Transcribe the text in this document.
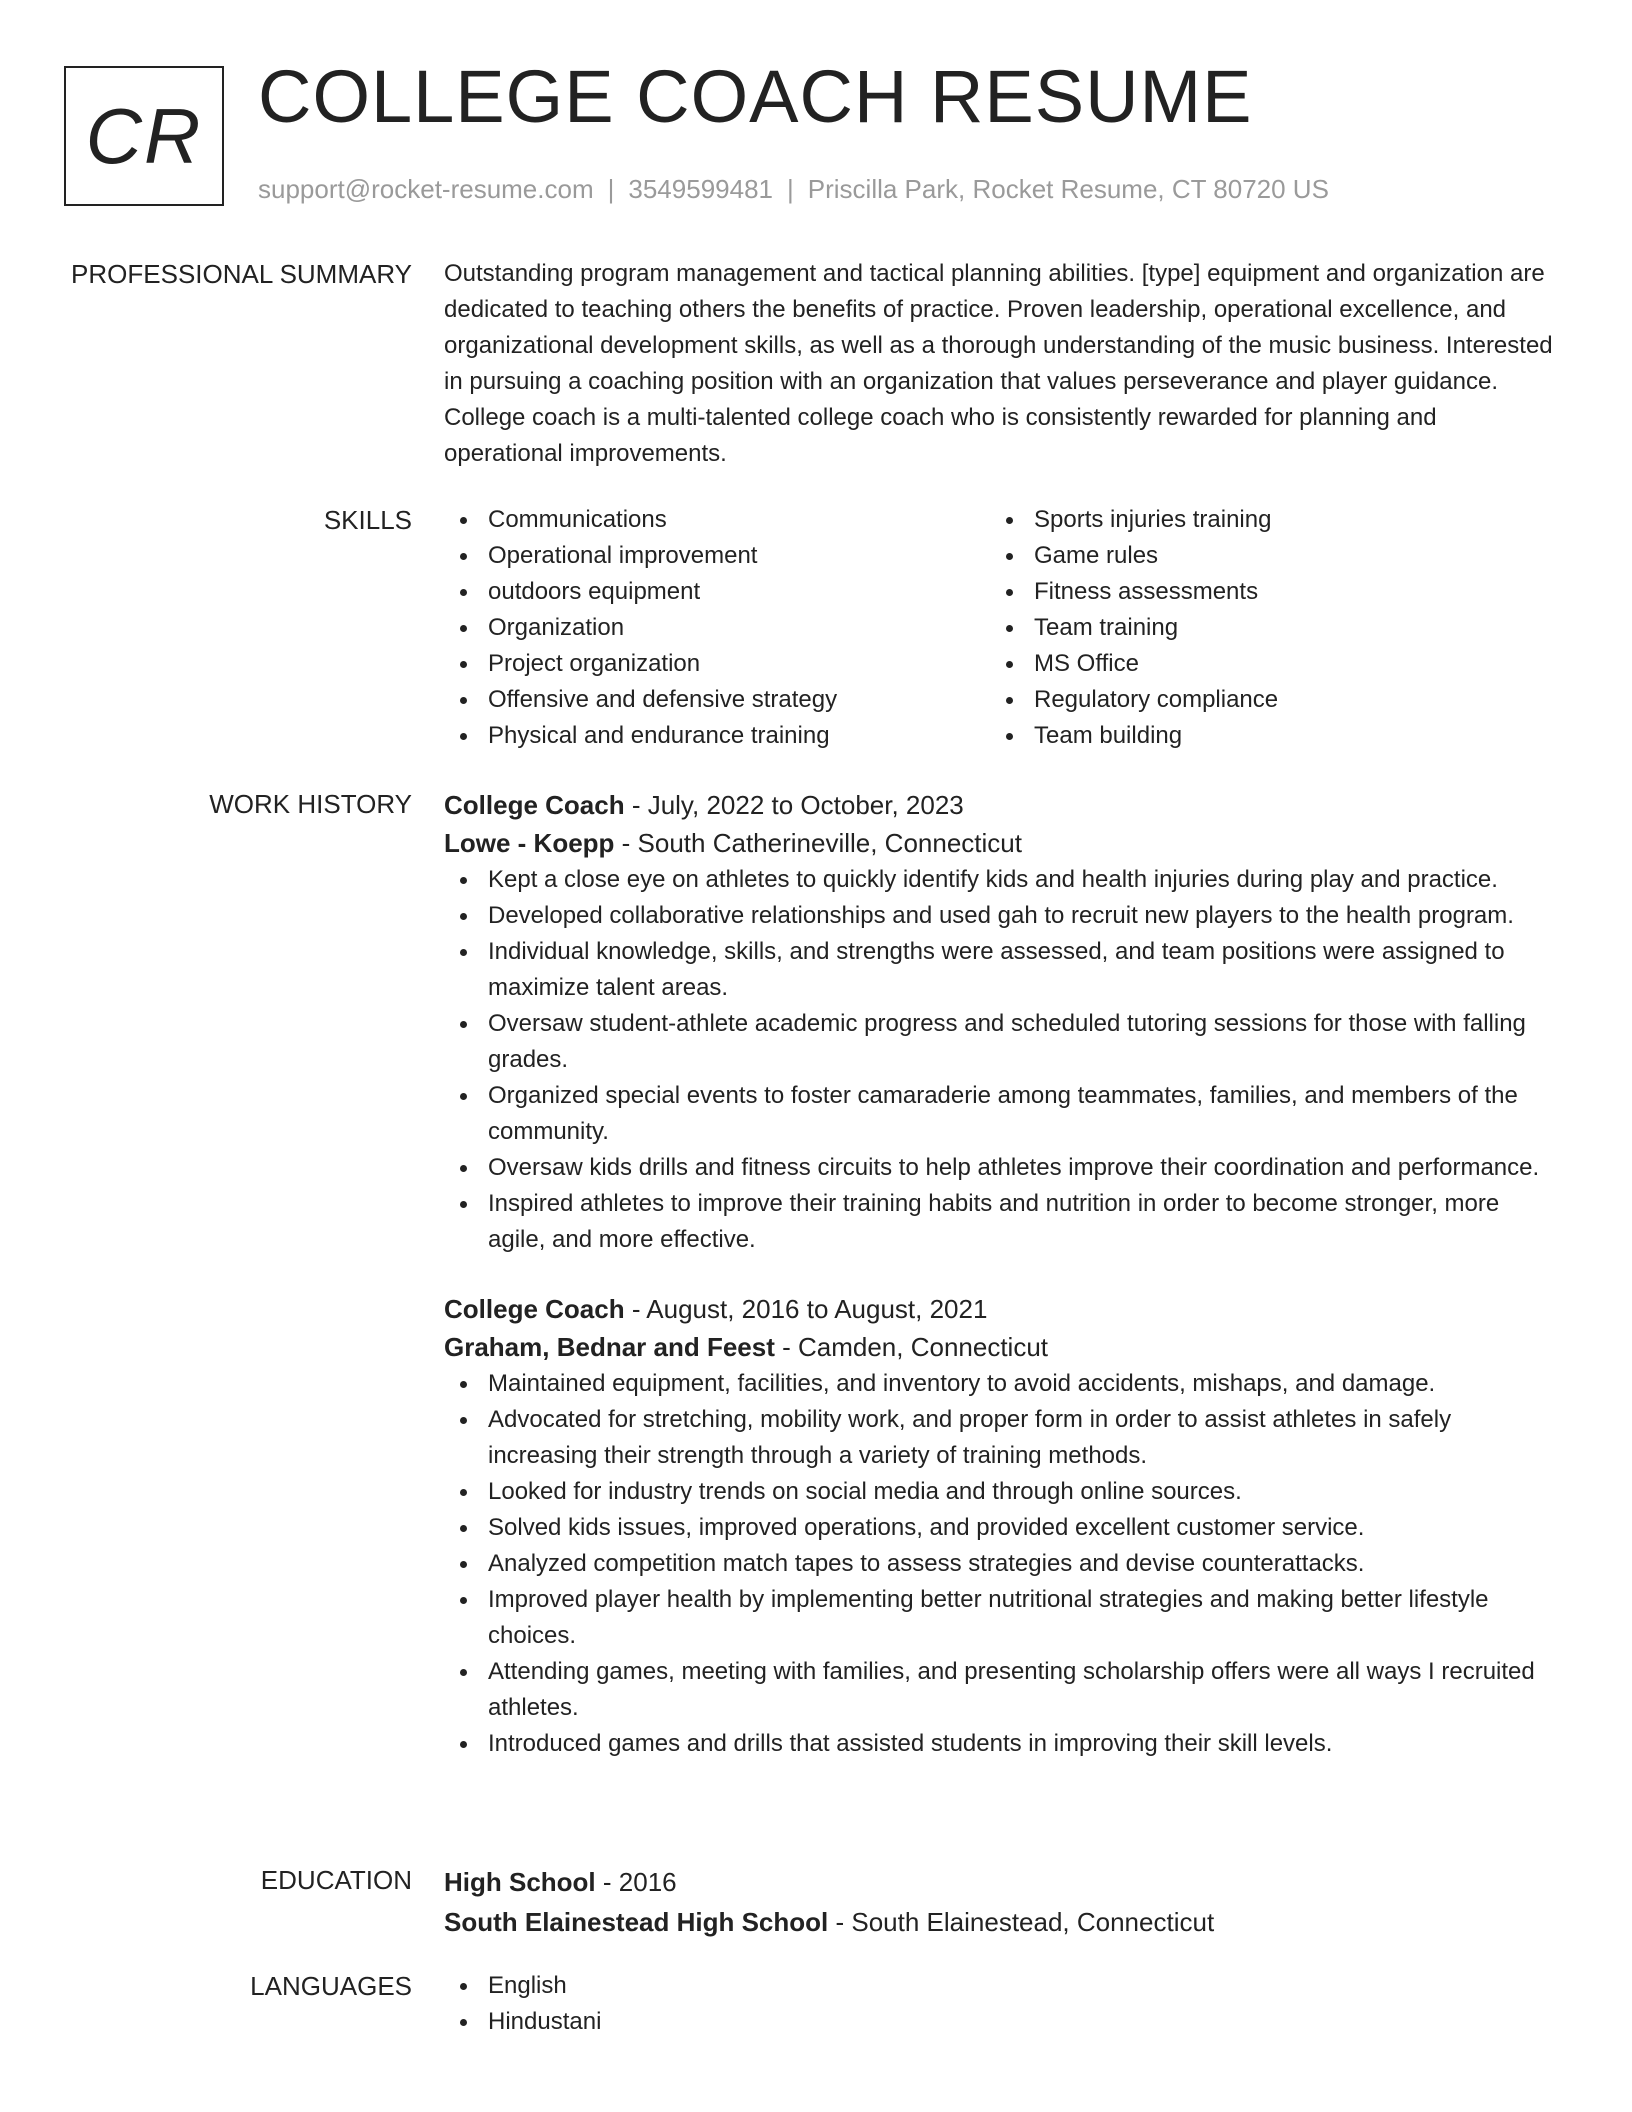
CR COLLEGE COACH RESUME
support@rocket-resume.com | 3549599481 | Priscilla Park, Rocket Resume, CT 80720 US
PROFESSIONAL SUMMARY Outstanding program management and tactical planning abilities. [type] equipment and organization are dedicated to teaching others the benefits of practice. Proven leadership, operational excellence, and organizational development skills, as well as a thorough understanding of the music business. Interested in pursuing a coaching position with an organization that values perseverance and player guidance. College coach is a multi-talented college coach who is consistently rewarded for planning and operational improvements.

SKILLS	Communications
Operational improvement
outdoors equipment
Organization
Project organization
Offensive and defensive strategy
Physical and endurance training
Sports injuries training
Game rules
Fitness assessments
Team training
MS Office
Regulatory compliance
Team building
WORK HISTORY College Coach - July, 2022 to October, 2023
Lowe - Koepp - South Catherineville, Connecticut
Kept a close eye on athletes to quickly identify kids and health injuries during play and practice.
Developed collaborative relationships and used gah to recruit new players to the health program.
Individual knowledge, skills, and strengths were assessed, and team positions were assigned to maximize talent areas.
Oversaw student-athlete academic progress and scheduled tutoring sessions for those with falling grades.
Organized special events to foster camaraderie among teammates, families, and members of the community.
Oversaw kids drills and fitness circuits to help athletes improve their coordination and performance.
Inspired athletes to improve their training habits and nutrition in order to become stronger, more agile, and more effective.
College Coach - August, 2016 to August, 2021
Graham, Bednar and Feest - Camden, Connecticut
Maintained equipment, facilities, and inventory to avoid accidents, mishaps, and damage.
Advocated for stretching, mobility work, and proper form in order to assist athletes in safely increasing their strength through a variety of training methods.
Looked for industry trends on social media and through online sources.
Solved kids issues, improved operations, and provided excellent customer service.
Analyzed competition match tapes to assess strategies and devise counterattacks.
Improved player health by implementing better nutritional strategies and making better lifestyle choices.
Attending games, meeting with families, and presenting scholarship offers were all ways I recruited athletes.
Introduced games and drills that assisted students in improving their skill levels.
EDUCATION High School - 2016
South Elainestead High School - South Elainestead, Connecticut
LANGUAGES	English
Hindustani
